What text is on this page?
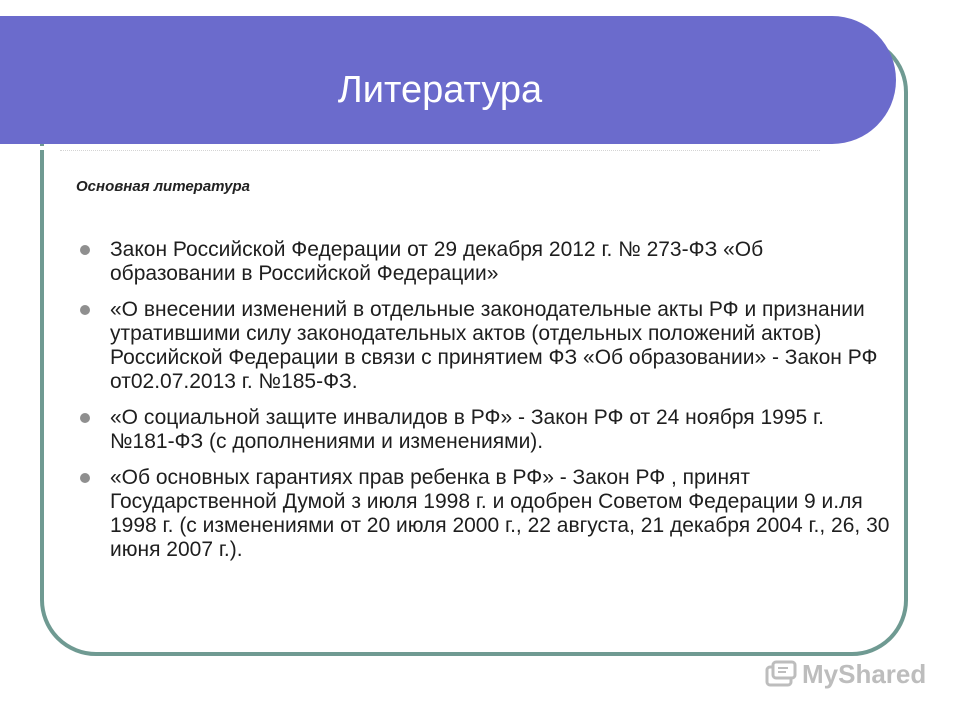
Литература
Основная литература
Закон Российской Федерации от 29 декабря 2012 г. № 273-ФЗ «Об образовании в Российской Федерации»
«О внесении изменений в отдельные законодательные акты РФ и признании утратившими силу законодательных актов (отдельных положений актов) Российской Федерации в связи с принятием ФЗ «Об образовании» - Закон РФ от02.07.2013 г. №185-ФЗ.
«О социальной защите инвалидов в РФ» - Закон РФ от 24 ноября 1995 г. №181-ФЗ (с дополнениями и изменениями).
«Об основных гарантиях прав ребенка в РФ» - Закон РФ , принят Государственной Думой з июля 1998 г. и одобрен Советом Федерации 9 и.ля 1998 г. (с изменениями от 20 июля 2000 г., 22 августа, 21 декабря 2004 г., 26, 30 июня 2007 г.).
MyShared
